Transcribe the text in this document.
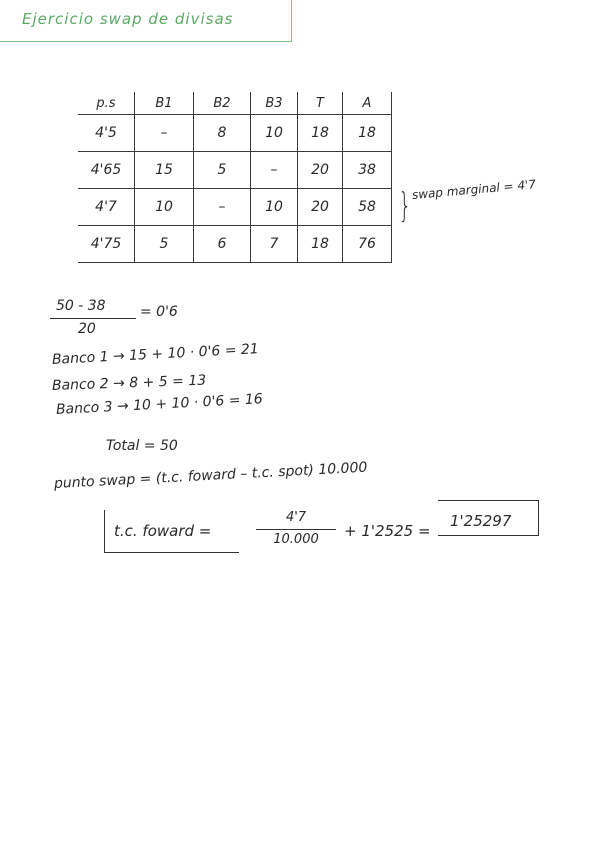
Ejercicio swap de divisas
p.s	B1	B2	B3	T	A
4'5	–	8	10	18	18
4'65	15	5	–	20	38
4'7	10	–	10	20	58
4'75	5	6	7	18	76
} swap marginal = 4'7
50 - 38
20
= 0'6
Banco 1 → 15 + 10 · 0'6 = 21
Banco 2 → 8 + 5 = 13
Banco 3 → 10 + 10 · 0'6 = 16
Total = 50
punto swap = (t.c. foward – t.c. spot) 10.000
t.c. foward =
4'7
10.000	+ 1'2525 =
1'25297
